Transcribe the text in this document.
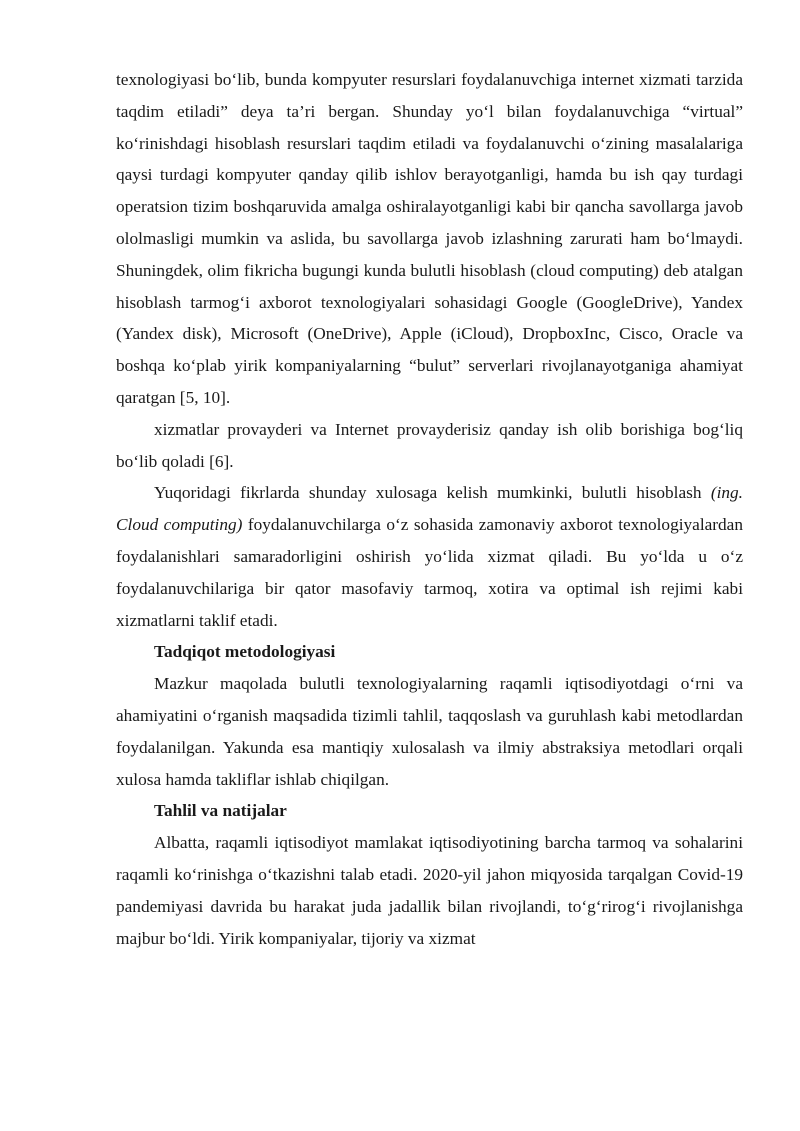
texnologiyasi bo‘lib, bunda kompyuter resurslari foydalanuvchiga internet xizmati tarzida taqdim etiladi” deya ta’ri bergan. Shunday yo‘l bilan foydalanuvchiga “virtual” ko‘rinishdagi hisoblash resurslari taqdim etiladi va foydalanuvchi o‘zining masalalariga qaysi turdagi kompyuter qanday qilib ishlov berayotganligi, hamda bu ish qay turdagi operatsion tizim boshqaruvida amalga oshiralayotganligi kabi bir qancha savollarga javob ololmasligi mumkin va aslida, bu savollarga javob izlashning zarurati ham bo‘lmaydi. Shuningdek, olim fikricha bugungi kunda bulutli hisoblash (cloud computing) deb atalgan hisoblash tarmog‘i axborot texnologiyalari sohasidagi Google (GoogleDrive), Yandex (Yandex disk), Microsoft (OneDrive), Apple (iCloud), DropboxInc, Cisco, Oracle va boshqa ko‘plab yirik kompaniyalarning “bulut” serverlari rivojlanayotganiga ahamiyat qaratgan [5, 10].

xizmatlar provayderi va Internet provayderisiz qanday ish olib borishiga bog‘liq bo‘lib qoladi [6].

Yuqoridagi fikrlarda shunday xulosaga kelish mumkinki, bulutli hisoblash (ing. Cloud computing) foydalanuvchilarga o‘z sohasida zamonaviy axborot texnologiyalardan foydalanishlari samaradorligini oshirish yo‘lida xizmat qiladi. Bu yo‘lda u o‘z foydalanuvchilariga bir qator masofaviy tarmoq, xotira va optimal ish rejimi kabi xizmatlarni taklif etadi.

Tadqiqot metodologiyasi

Mazkur maqolada bulutli texnologiyalarning raqamli iqtisodiyotdagi o‘rni va ahamiyatini o‘rganish maqsadida tizimli tahlil, taqqoslash va guruhlash kabi metodlardan foydalanilgan. Yakunda esa mantiqiy xulosalash va ilmiy abstraksiya metodlari orqali xulosa hamda takliflar ishlab chiqilgan.

Tahlil va natijalar

Albatta, raqamli iqtisodiyot mamlakat iqtisodiyotining barcha tarmoq va sohalarini raqamli ko‘rinishga o‘tkazishni talab etadi. 2020-yil jahon miqyosida tarqalgan Covid-19 pandemiyasi davrida bu harakat juda jadallik bilan rivojlandi, to‘g‘rirog‘i rivojlanishga majbur bo‘ldi. Yirik kompaniyalar, tijoriy va xizmat
